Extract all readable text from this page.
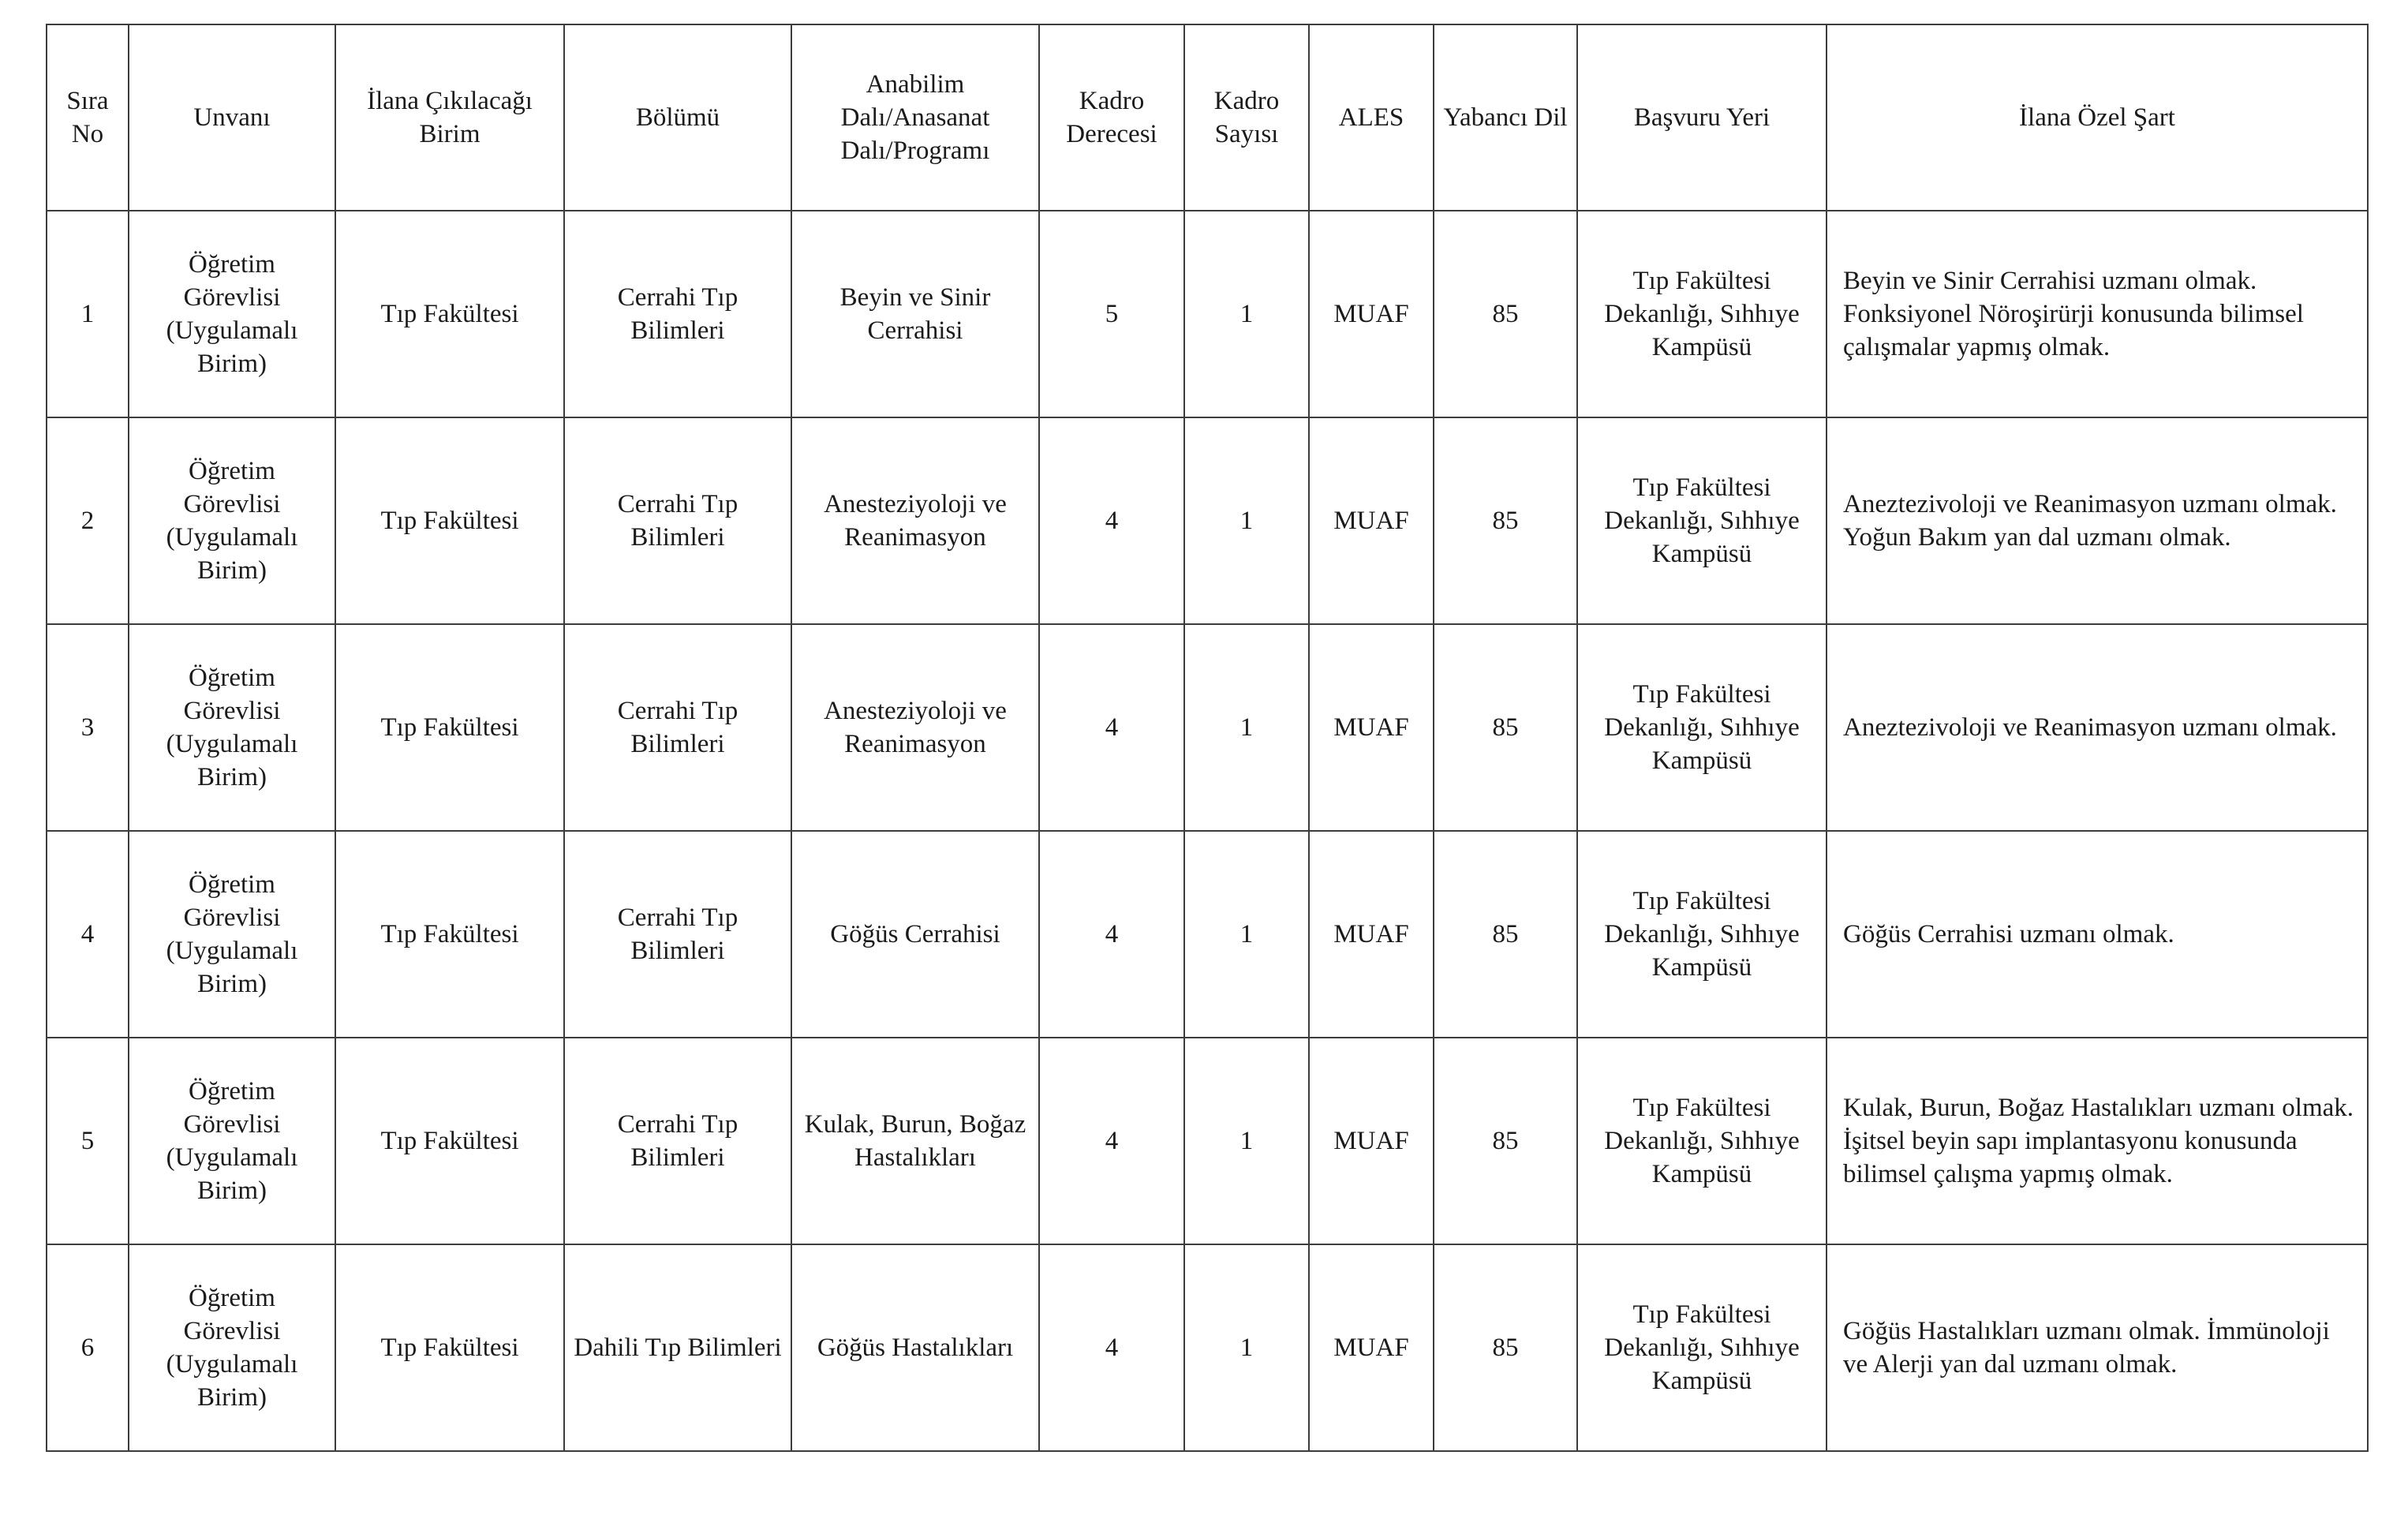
Sıra No	Unvanı	İlana Çıkılacağı Birim	Bölümü	Anabilim Dalı/Anasanat Dalı/Programı	Kadro Derecesi	Kadro Sayısı	ALES	Yabancı Dil	Başvuru Yeri	İlana Özel Şart
1	Öğretim Görevlisi (Uygulamalı Birim)	Tıp Fakültesi	Cerrahi Tıp Bilimleri	Beyin ve Sinir Cerrahisi	5	1	MUAF	85	Tıp Fakültesi Dekanlığı, Sıhhıye Kampüsü	Beyin ve Sinir Cerrahisi uzmanı olmak. Fonksiyonel Nöroşirürji konusunda bilimsel çalışmalar yapmış olmak.
2	Öğretim Görevlisi (Uygulamalı Birim)	Tıp Fakültesi	Cerrahi Tıp Bilimleri	Anesteziyoloji ve Reanimasyon	4	1	MUAF	85	Tıp Fakültesi Dekanlığı, Sıhhıye Kampüsü	Aneztezivoloji ve Reanimasyon uzmanı olmak. Yoğun Bakım yan dal uzmanı olmak.
3	Öğretim Görevlisi (Uygulamalı Birim)	Tıp Fakültesi	Cerrahi Tıp Bilimleri	Anesteziyoloji ve Reanimasyon	4	1	MUAF	85	Tıp Fakültesi Dekanlığı, Sıhhıye Kampüsü	Aneztezivoloji ve Reanimasyon uzmanı olmak.
4	Öğretim Görevlisi (Uygulamalı Birim)	Tıp Fakültesi	Cerrahi Tıp Bilimleri	Göğüs Cerrahisi	4	1	MUAF	85	Tıp Fakültesi Dekanlığı, Sıhhıye Kampüsü	Göğüs Cerrahisi uzmanı olmak.
5	Öğretim Görevlisi (Uygulamalı Birim)	Tıp Fakültesi	Cerrahi Tıp Bilimleri	Kulak, Burun, Boğaz Hastalıkları	4	1	MUAF	85	Tıp Fakültesi Dekanlığı, Sıhhıye Kampüsü	Kulak, Burun, Boğaz Hastalıkları uzmanı olmak. İşitsel beyin sapı implantasyonu konusunda bilimsel çalışma yapmış olmak.
6	Öğretim Görevlisi (Uygulamalı Birim)	Tıp Fakültesi	Dahili Tıp Bilimleri	Göğüs Hastalıkları	4	1	MUAF	85	Tıp Fakültesi Dekanlığı, Sıhhıye Kampüsü	Göğüs Hastalıkları uzmanı olmak. İmmünoloji ve Alerji yan dal uzmanı olmak.
